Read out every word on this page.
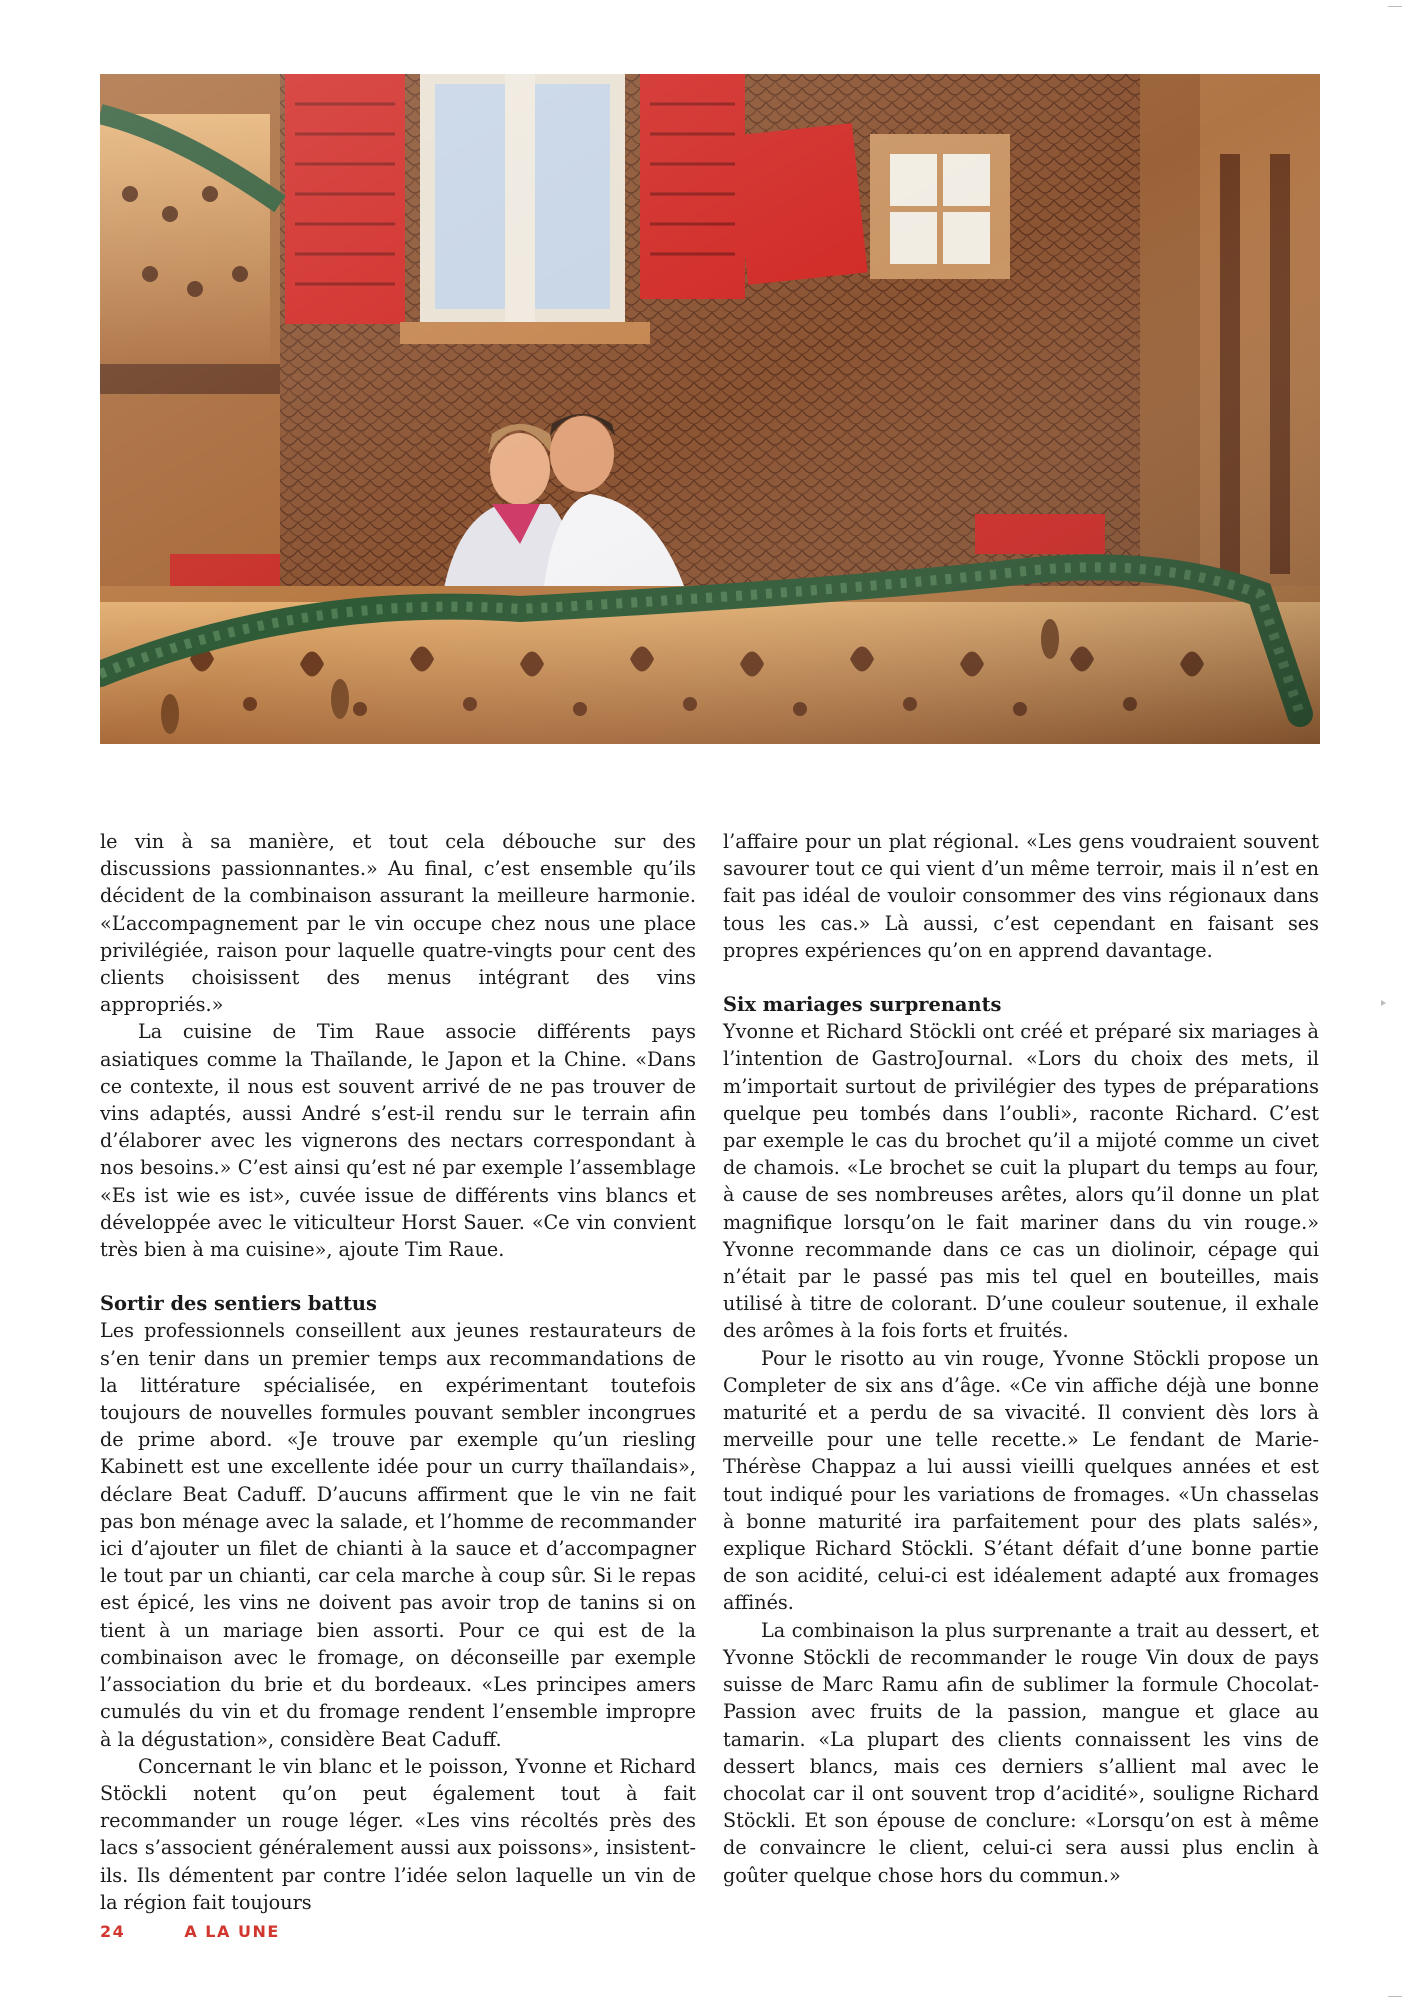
le vin à sa manière, et tout cela débouche sur des discussions passionnantes.» Au final, c’est ensemble qu’ils décident de la combinaison assurant la meilleure harmonie. «L’accompagnement par le vin occupe chez nous une place privilégiée, raison pour laquelle quatre-vingts pour cent des clients choisissent des menus intégrant des vins appropriés.»

La cuisine de Tim Raue associe différents pays asiatiques comme la Thaïlande, le Japon et la Chine. «Dans ce contexte, il nous est souvent arrivé de ne pas trouver de vins adaptés, aussi André s’est-il rendu sur le terrain afin d’élaborer avec les vignerons des nectars correspondant à nos besoins.» C’est ainsi qu’est né par exemple l’assemblage «Es ist wie es ist», cuvée issue de différents vins blancs et développée avec le viticulteur Horst Sauer. «Ce vin convient très bien à ma cuisine», ajoute Tim Raue.

Sortir des sentiers battus

Les professionnels conseillent aux jeunes restaurateurs de s’en tenir dans un premier temps aux recommandations de la littérature spécialisée, en expérimentant toutefois toujours de nouvelles formules pouvant sembler incongrues de prime abord. «Je trouve par exemple qu’un riesling Kabinett est une excellente idée pour un curry thaïlandais», déclare Beat Caduff. D’aucuns affirment que le vin ne fait pas bon ménage avec la salade, et l’homme de recommander ici d’ajouter un filet de chianti à la sauce et d’accompagner le tout par un chianti, car cela marche à coup sûr. Si le repas est épicé, les vins ne doivent pas avoir trop de tanins si on tient à un mariage bien assorti. Pour ce qui est de la combinaison avec le fromage, on déconseille par exemple l’association du brie et du bordeaux. «Les principes amers cumulés du vin et du fromage rendent l’ensemble impropre à la dégustation», considère Beat Caduff.

Concernant le vin blanc et le poisson, Yvonne et Richard Stöckli notent qu’on peut également tout à fait recommander un rouge léger. «Les vins récoltés près des lacs s’associent généralement aussi aux poissons», insistent-ils. Ils démentent par contre l’idée selon laquelle un vin de la région fait toujours

l’affaire pour un plat régional. «Les gens voudraient souvent savourer tout ce qui vient d’un même terroir, mais il n’est en fait pas idéal de vouloir consommer des vins régionaux dans tous les cas.» Là aussi, c’est cependant en faisant ses propres expériences qu’on en apprend davantage.

Six mariages surprenants

Yvonne et Richard Stöckli ont créé et préparé six mariages à l’intention de GastroJournal. «Lors du choix des mets, il m’importait surtout de privilégier des types de préparations quelque peu tombés dans l’oubli», raconte Richard. C’est par exemple le cas du brochet qu’il a mijoté comme un civet de chamois. «Le brochet se cuit la plupart du temps au four, à cause de ses nombreuses arêtes, alors qu’il donne un plat magnifique lorsqu’on le fait mariner dans du vin rouge.» Yvonne recommande dans ce cas un diolinoir, cépage qui n’était par le passé pas mis tel quel en bouteilles, mais utilisé à titre de colorant. D’une couleur soutenue, il exhale des arômes à la fois forts et fruités.

Pour le risotto au vin rouge, Yvonne Stöckli propose un Completer de six ans d’âge. «Ce vin affiche déjà une bonne maturité et a perdu de sa vivacité. Il convient dès lors à merveille pour une telle recette.» Le fendant de Marie-Thérèse Chappaz a lui aussi vieilli quelques années et est tout indiqué pour les variations de fromages. «Un chasselas à bonne maturité ira parfaitement pour des plats salés», explique Richard Stöckli. S’étant défait d’une bonne partie de son acidité, celui-ci est idéalement adapté aux fromages affinés.

La combinaison la plus surprenante a trait au dessert, et Yvonne Stöckli de recommander le rouge Vin doux de pays suisse de Marc Ramu afin de sublimer la formule Chocolat-Passion avec fruits de la passion, mangue et glace au tamarin. «La plupart des clients connaissent les vins de dessert blancs, mais ces derniers s’allient mal avec le chocolat car il ont souvent trop d’acidité», souligne Richard Stöckli. Et son épouse de conclure: «Lorsqu’on est à même de convaincre le client, celui-ci sera aussi plus enclin à goûter quelque chose hors du commun.»

24	A LA UNE
